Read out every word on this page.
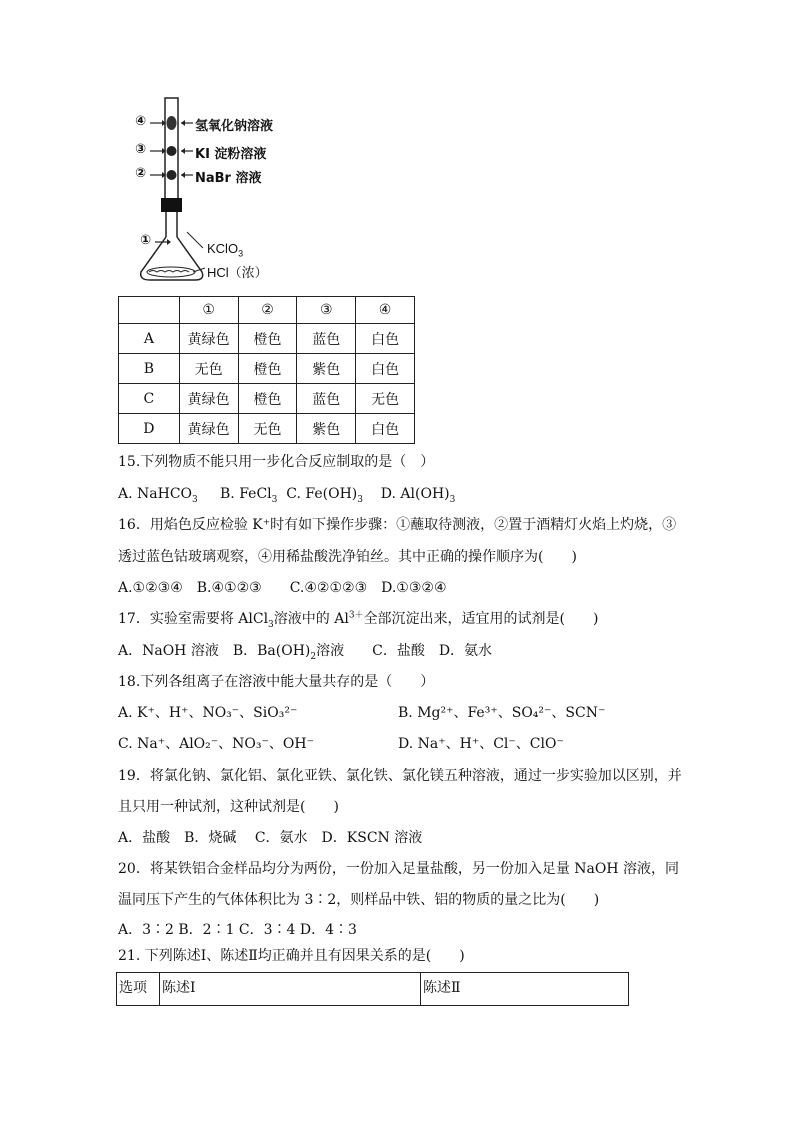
④
③
②
①
氢氧化钠溶液
KI 淀粉溶液
NaBr 溶液
KClO$_3$
HCl（浓）
	①	②	③	④
A	黄绿色	橙色	蓝色	白色
B	无色	橙色	紫色	白色
C	黄绿色	橙色	蓝色	无色
D	黄绿色	无色	紫色	白色
15.下列物质不能只用一步化合反应制取的是（　）
A. NaHCO$_3$ B. FeCl$_3$ C. $Fe(OH)_3$ D. $Al(OH)_3$
16．用焰色反应检验 K⁺时有如下操作步骤：①蘸取待测液，②置于酒精灯火焰上灼烧，③
透过蓝色钴玻璃观察，④用稀盐酸洗净铂丝。其中正确的操作顺序为(　　)
A.①②③④　B.④①②③　　C.④②①②③　D.①③②④
17．实验室需要将 AlCl$_3$溶液中的 $Al^{3+}$全部沉淀出来，适宜用的试剂是(　　)
A．NaOH 溶液　B．$Ba(OH)_2$溶液　　C．盐酸　D．氨水
18.下列各组离子在溶液中能大量共存的是（　　）
A. K⁺、H⁺、NO₃⁻、SiO₃²⁻	B. Mg²⁺、Fe³⁺、SO₄²⁻、SCN⁻
C. Na⁺、AlO₂⁻、NO₃⁻、OH⁻	D. Na⁺、H⁺、Cl⁻、ClO⁻
19．将氯化钠、氯化铝、氯化亚铁、氯化铁、氯化镁五种溶液，通过一步实验加以区别，并
且只用一种试剂，这种试剂是(　　)
A．盐酸　B．烧碱　 C．氨水　D．KSCN 溶液
20．将某铁铝合金样品均分为两份，一份加入足量盐酸，另一份加入足量 NaOH 溶液，同
温同压下产生的气体体积比为 3∶2，则样品中铁、铝的物质的量之比为(　　)
A．3∶2 B．2∶1 C．3∶4 D．4∶3
21. 下列陈述Ⅰ、陈述Ⅱ均正确并且有因果关系的是(　　)
选项	陈述Ⅰ	陈述Ⅱ
